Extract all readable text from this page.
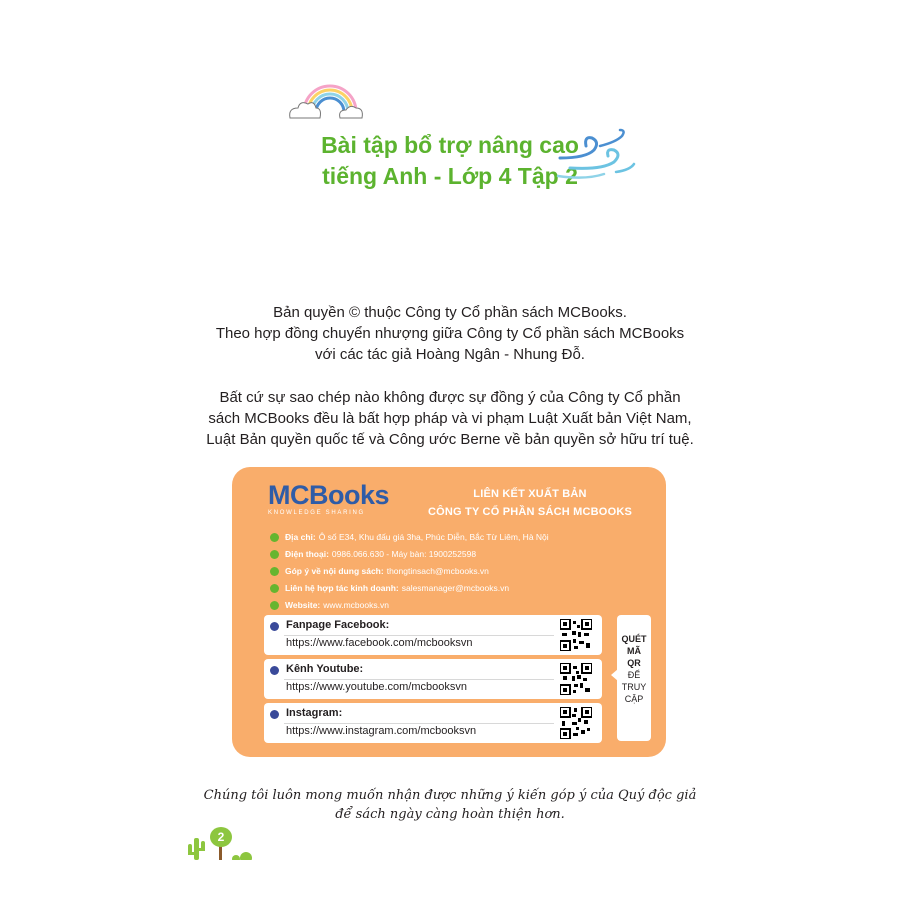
Bài tập bổ trợ nâng cao
tiếng Anh - Lớp 4 Tập 2
Bản quyền © thuộc Công ty Cổ phần sách MCBooks.
Theo hợp đồng chuyển nhượng giữa Công ty Cổ phần sách MCBooks
với các tác giả Hoàng Ngân - Nhung Đỗ.
Bất cứ sự sao chép nào không được sự đồng ý của Công ty Cổ phần
sách MCBooks đều là bất hợp pháp và vi phạm Luật Xuất bản Việt Nam,
Luật Bản quyền quốc tế và Công ước Berne về bản quyền sở hữu trí tuệ.
MCBooks
KNOWLEDGE SHARING
LIÊN KẾT XUẤT BẢN
CÔNG TY CỔ PHẦN SÁCH MCBOOKS
Địa chỉ: Ô số E34, Khu đấu giá 3ha, Phúc Diễn, Bắc Từ Liêm, Hà Nội
Điện thoại: 0986.066.630 - Máy bàn: 1900252598
Góp ý về nội dung sách: thongtinsach@mcbooks.vn
Liên hệ hợp tác kinh doanh: salesmanager@mcbooks.vn
Website: www.mcbooks.vn
Fanpage Facebook:
https://www.facebook.com/mcbooksvn
Kênh Youtube:
https://www.youtube.com/mcbooksvn
Instagram:
https://www.instagram.com/mcbooksvn
QUÉT
MÃ
QR
ĐỂ
TRUY
CẬP
Chúng tôi luôn mong muốn nhận được những ý kiến góp ý của Quý độc giả
để sách ngày càng hoàn thiện hơn.
2
